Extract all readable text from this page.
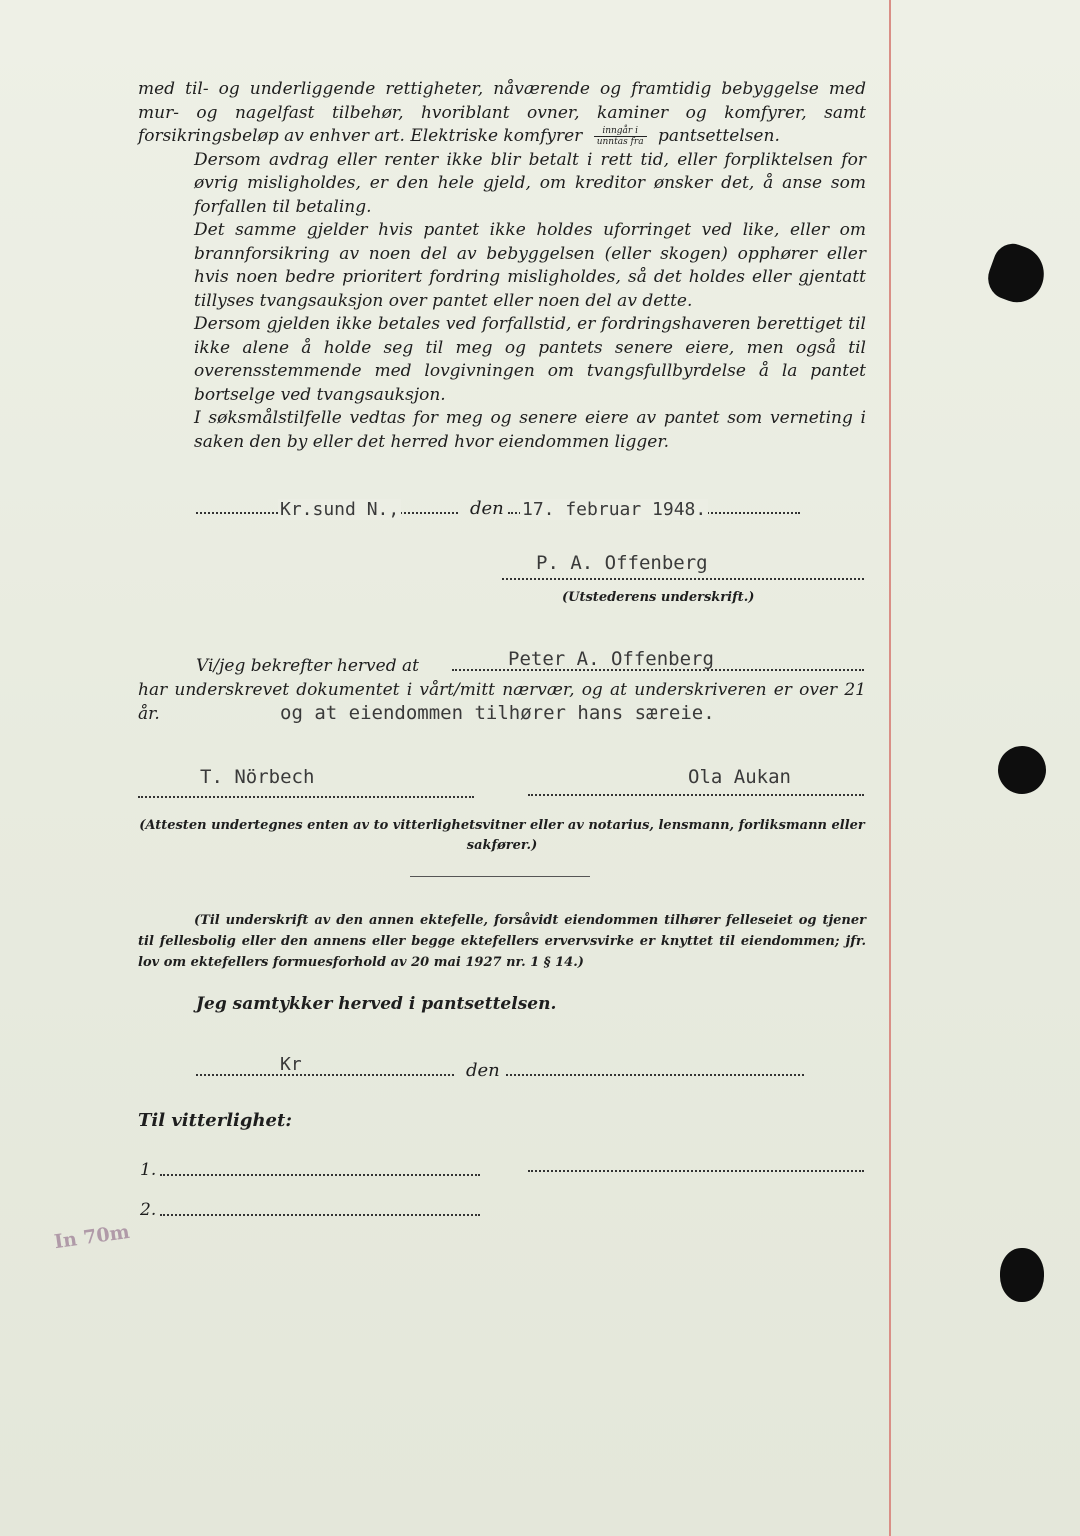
med til- og underliggende rettigheter, nåværende og framtidig bebyggelse med mur- og nagelfast tilbehør, hvoriblant ovner, kaminer og komfyrer, samt forsikringsbeløp av enhver art. Elektriske komfyrer $\frac{\text{inngår i}}{\text{unntas fra}}$ pantsettelsen.
Dersom avdrag eller renter ikke blir betalt i rett tid, eller forpliktelsen for øvrig misligholdes, er den hele gjeld, om kreditor ønsker det, å anse som forfallen til betaling.
Det samme gjelder hvis pantet ikke holdes uforringet ved like, eller om brannforsikring av noen del av bebyggelsen (eller skogen) opphører eller hvis noen bedre prioritert fordring misligholdes, så det holdes eller gjentatt tillyses tvangsauksjon over pantet eller noen del av dette.
Dersom gjelden ikke betales ved forfallstid, er fordringshaveren berettiget til ikke alene å holde seg til meg og pantets senere eiere, men også til overensstemmende med lovgivningen om tvangsfullbyrdelse å la pantet bortselge ved tvangsauksjon.
I søksmålstilfelle vedtas for meg og senere eiere av pantet som verneting i saken den by eller det herred hvor eiendommen ligger.
Kr.sund N.,	den 17. februar 1948.
P. A. Offenberg
(Utstederens underskrift.)
Vi/jeg bekrefter herved at	Peter A. Offenberg
har underskrevet dokumentet i vårt/mitt nærvær, og at underskriveren er over 21 år.	og at eiendommen tilhører hans særeie.
T. Nörbech	Ola Aukan
(Attesten undertegnes enten av to vitterlighetsvitner eller av notarius, lensmann, forliksmann eller sakfører.)
(Til underskrift av den annen ektefelle, forsåvidt eiendommen tilhører felleseiet og tjener til fellesbolig eller den annens eller begge ektefellers ervervsvirke er knyttet til eiendommen; jfr. lov om ektefellers formuesforhold av 20 mai 1927 nr. 1 § 14.)
Jeg samtykker herved i pantsettelsen.
Kr	den
Til vitterlighet:
1.
2.
In 70m
